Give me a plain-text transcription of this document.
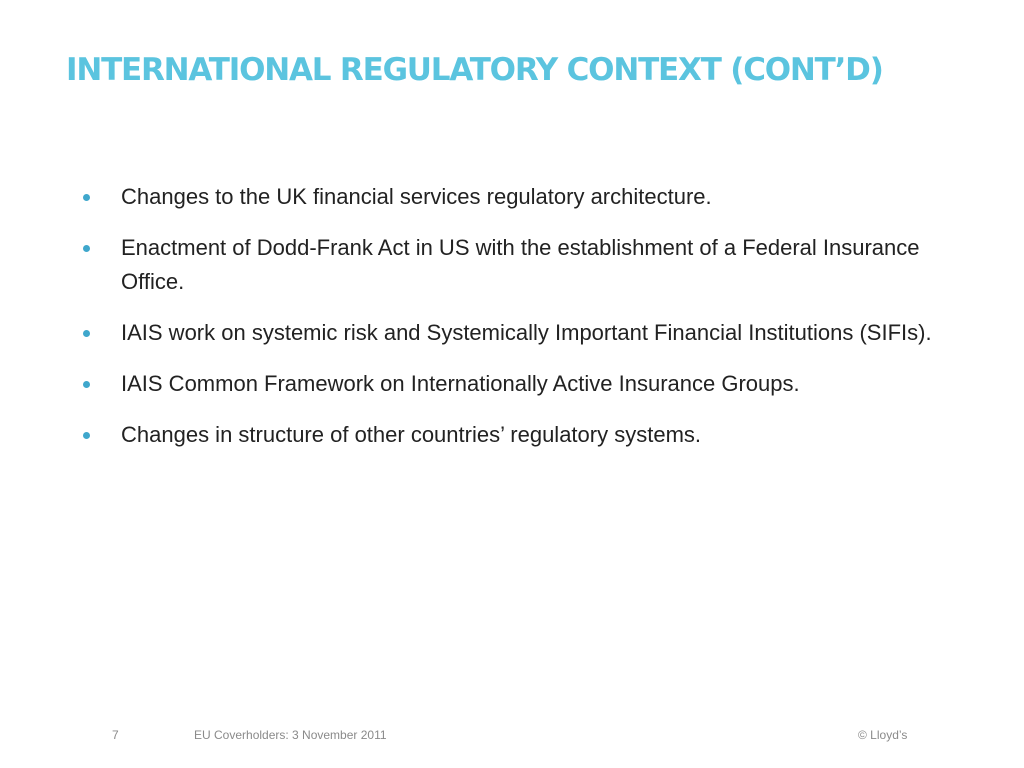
INTERNATIONAL REGULATORY CONTEXT (CONT’D)
Changes to the UK financial services regulatory architecture.
Enactment of Dodd-Frank Act in US with the establishment of a Federal Insurance Office.
IAIS work on systemic risk and Systemically Important Financial Institutions (SIFIs).
IAIS Common Framework on Internationally Active Insurance Groups.
Changes in structure of other countries’ regulatory systems.
7	EU Coverholders: 3 November 2011	© Lloyd’s
